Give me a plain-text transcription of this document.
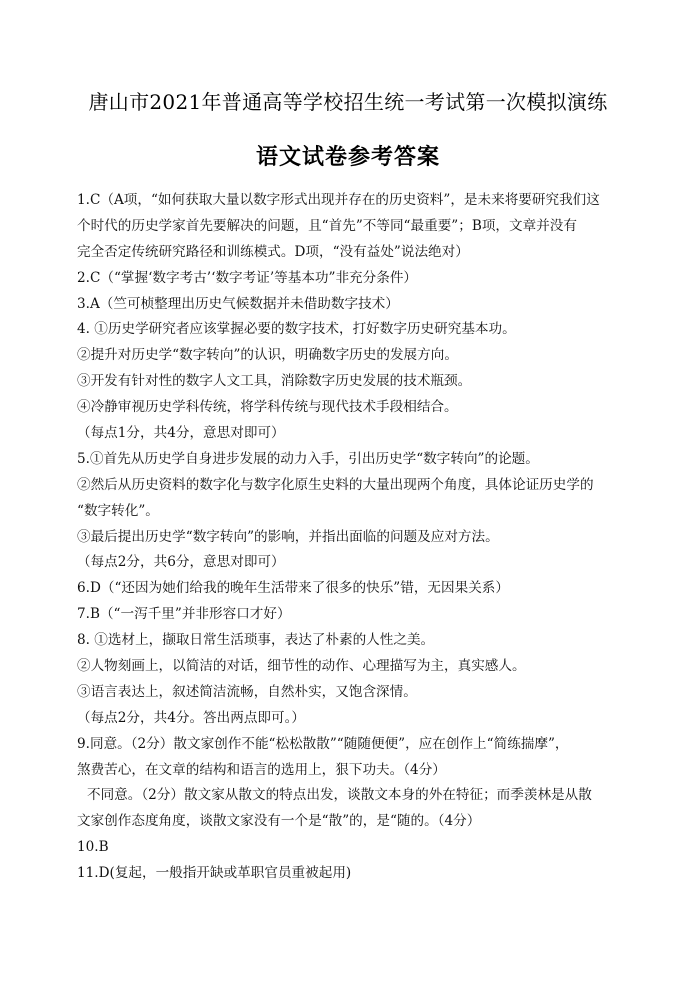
唐山市2021年普通高等学校招生统一考试第一次模拟演练
语文试卷参考答案
1.C（A项，“如何获取大量以数字形式出现并存在的历史资料”，是未来将要研究我们这
个时代的历史学家首先要解决的问题，且“首先”不等同“最重要”；B项，文章并没有
完全否定传统研究路径和训练模式。D项，“没有益处”说法绝对）
2.C（“掌握‘数字考古’‘数字考证’等基本功”非充分条件）
3.A（竺可桢整理出历史气候数据并未借助数字技术）
4. ①历史学研究者应该掌握必要的数字技术，打好数字历史研究基本功。
②提升对历史学“数字转向”的认识，明确数字历史的发展方向。
③开发有针对性的数字人文工具，消除数字历史发展的技术瓶颈。
④冷静审视历史学科传统，将学科传统与现代技术手段相结合。
（每点1分，共4分，意思对即可）
5.①首先从历史学自身进步发展的动力入手，引出历史学“数字转向”的论题。
②然后从历史资料的数字化与数字化原生史料的大量出现两个角度，具体论证历史学的
“数字转化”。
③最后提出历史学“数字转向”的影响，并指出面临的问题及应对方法。
（每点2分，共6分，意思对即可）
6.D（“还因为她们给我的晚年生活带来了很多的快乐”错，无因果关系）
7.B（“一泻千里”并非形容口才好）
8. ①选材上，撷取日常生活琐事，表达了朴素的人性之美。
②人物刻画上，以简洁的对话，细节性的动作、心理描写为主，真实感人。
③语言表达上，叙述简洁流畅，自然朴实，又饱含深情。
（每点2分，共4分。答出两点即可。）
9.同意。（2分）散文家创作不能“松松散散”“随随便便”，应在创作上“简练揣摩”，
煞费苦心，在文章的结构和语言的选用上，狠下功夫。（4分）
不同意。（2分）散文家从散文的特点出发，谈散文本身的外在特征；而季羡林是从散
文家创作态度角度，谈散文家没有一个是“散”的，是“随的。（4分）
10.B
11.D(复起，一般指开缺或革职官员重被起用)
